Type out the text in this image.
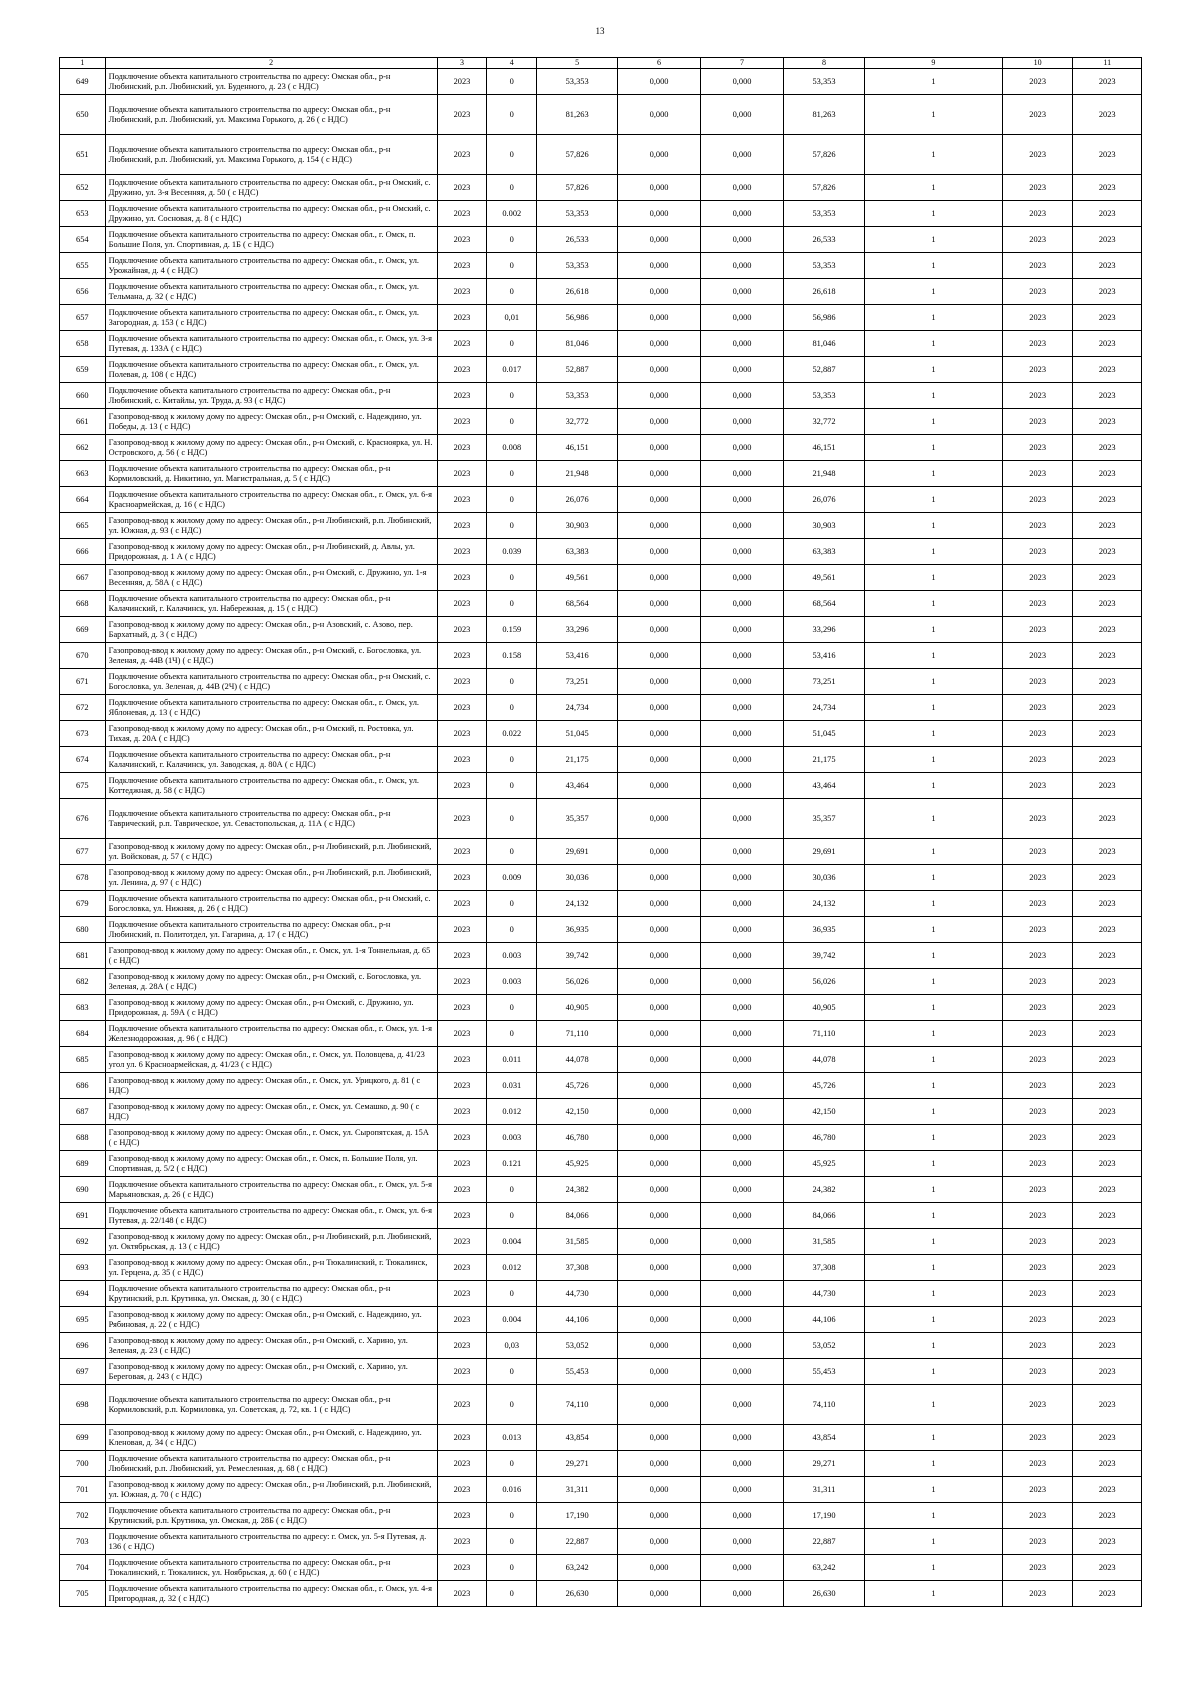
13
1	2	3	4	5	6	7	8	9	10	11
649	Подключение объекта капитального строительства по адресу: Омская обл., р-н Любинский, р.п. Любинский, ул. Буденного, д. 23 ( с НДС)	2023	0	53,353	0,000	0,000	53,353	1	2023	2023
650	Подключение объекта капитального строительства по адресу: Омская обл., р-н Любинский, р.п. Любинский, ул. Максима Горького, д. 26 ( с НДС)	2023	0	81,263	0,000	0,000	81,263	1	2023	2023
651	Подключение объекта капитального строительства по адресу: Омская обл., р-н Любинский, р.п. Любинский, ул. Максима Горького, д. 154 ( с НДС)	2023	0	57,826	0,000	0,000	57,826	1	2023	2023
652	Подключение объекта капитального строительства по адресу: Омская обл., р-н Омский, с. Дружино, ул. 3-я Весенняя, д. 50 ( с НДС)	2023	0	57,826	0,000	0,000	57,826	1	2023	2023
653	Подключение объекта капитального строительства по адресу: Омская обл., р-н Омский, с. Дружино, ул. Сосновая, д. 8 ( с НДС)	2023	0.002	53,353	0,000	0,000	53,353	1	2023	2023
654	Подключение объекта капитального строительства по адресу: Омская обл., г. Омск, п. Большие Поля, ул. Спортивная, д. 1Б ( с НДС)	2023	0	26,533	0,000	0,000	26,533	1	2023	2023
655	Подключение объекта капитального строительства по адресу: Омская обл., г. Омск, ул. Урожайная, д. 4 ( с НДС)	2023	0	53,353	0,000	0,000	53,353	1	2023	2023
656	Подключение объекта капитального строительства по адресу: Омская обл., г. Омск, ул. Тельмана, д. 32 ( с НДС)	2023	0	26,618	0,000	0,000	26,618	1	2023	2023
657	Подключение объекта капитального строительства по адресу: Омская обл., г. Омск, ул. Загородная, д. 153 ( с НДС)	2023	0,01	56,986	0,000	0,000	56,986	1	2023	2023
658	Подключение объекта капитального строительства по адресу: Омская обл., г. Омск, ул. 3-я Путевая, д. 133А ( с НДС)	2023	0	81,046	0,000	0,000	81,046	1	2023	2023
659	Подключение объекта капитального строительства по адресу: Омская обл., г. Омск, ул. Полевая, д. 108 ( с НДС)	2023	0.017	52,887	0,000	0,000	52,887	1	2023	2023
660	Подключение объекта капитального строительства по адресу: Омская обл., р-н Любинский, с. Китайлы, ул. Труда, д. 93 ( с НДС)	2023	0	53,353	0,000	0,000	53,353	1	2023	2023
661	Газопровод-ввод к жилому дому по адресу: Омская обл., р-н Омский, с. Надеждино, ул. Победы, д. 13 ( с НДС)	2023	0	32,772	0,000	0,000	32,772	1	2023	2023
662	Газопровод-ввод к жилому дому по адресу: Омская обл., р-н Омский, с. Красноярка, ул. Н. Островского, д. 56 ( с НДС)	2023	0.008	46,151	0,000	0,000	46,151	1	2023	2023
663	Подключение объекта капитального строительства по адресу: Омская обл., р-н Кормиловский, д. Никитино, ул. Магистральная, д. 5 ( с НДС)	2023	0	21,948	0,000	0,000	21,948	1	2023	2023
664	Подключение объекта капитального строительства по адресу: Омская обл., г. Омск, ул. 6-я Красноармейская, д. 16 ( с НДС)	2023	0	26,076	0,000	0,000	26,076	1	2023	2023
665	Газопровод-ввод к жилому дому по адресу: Омская обл., р-н Любинский, р.п. Любинский, ул. Южная, д. 93 ( с НДС)	2023	0	30,903	0,000	0,000	30,903	1	2023	2023
666	Газопровод-ввод к жилому дому по адресу: Омская обл., р-н Любинский, д. Авлы, ул. Придорожная, д. 1 А ( с НДС)	2023	0.039	63,383	0,000	0,000	63,383	1	2023	2023
667	Газопровод-ввод к жилому дому по адресу: Омская обл., р-н Омский, с. Дружино, ул. 1-я Весенняя, д. 58А ( с НДС)	2023	0	49,561	0,000	0,000	49,561	1	2023	2023
668	Подключение объекта капитального строительства по адресу: Омская обл., р-н Калачинский, г. Калачинск, ул. Набережная, д. 15 ( с НДС)	2023	0	68,564	0,000	0,000	68,564	1	2023	2023
669	Газопровод-ввод к жилому дому по адресу: Омская обл., р-н Азовский, с. Азово, пер. Бархатный, д. 3 ( с НДС)	2023	0.159	33,296	0,000	0,000	33,296	1	2023	2023
670	Газопровод-ввод к жилому дому по адресу: Омская обл., р-н Омский, с. Богословка, ул. Зеленая, д. 44В (1Ч) ( с НДС)	2023	0.158	53,416	0,000	0,000	53,416	1	2023	2023
671	Подключение объекта капитального строительства по адресу: Омская обл., р-н Омский, с. Богословка, ул. Зеленая, д. 44В (2Ч) ( с НДС)	2023	0	73,251	0,000	0,000	73,251	1	2023	2023
672	Подключение объекта капитального строительства по адресу: Омская обл., г. Омск, ул. Яблоневая, д. 13 ( с НДС)	2023	0	24,734	0,000	0,000	24,734	1	2023	2023
673	Газопровод-ввод к жилому дому по адресу: Омская обл., р-н Омский, п. Ростовка, ул. Тихая, д. 20А ( с НДС)	2023	0.022	51,045	0,000	0,000	51,045	1	2023	2023
674	Подключение объекта капитального строительства по адресу: Омская обл., р-н Калачинский, г. Калачинск, ул. Заводская, д. 80А ( с НДС)	2023	0	21,175	0,000	0,000	21,175	1	2023	2023
675	Подключение объекта капитального строительства по адресу: Омская обл., г. Омск, ул. Коттеджная, д. 58 ( с НДС)	2023	0	43,464	0,000	0,000	43,464	1	2023	2023
676	Подключение объекта капитального строительства по адресу: Омская обл., р-н Таврический, р.п. Таврическое, ул. Севастопольская, д. 11А ( с НДС)	2023	0	35,357	0,000	0,000	35,357	1	2023	2023
677	Газопровод-ввод к жилому дому по адресу: Омская обл., р-н Любинский, р.п. Любинский, ул. Войсковая, д. 57 ( с НДС)	2023	0	29,691	0,000	0,000	29,691	1	2023	2023
678	Газопровод-ввод к жилому дому по адресу: Омская обл., р-н Любинский, р.п. Любинский, ул. Ленина, д. 97 ( с НДС)	2023	0.009	30,036	0,000	0,000	30,036	1	2023	2023
679	Подключение объекта капитального строительства по адресу: Омская обл., р-н Омский, с. Богословка, ул. Нижняя, д. 26 ( с НДС)	2023	0	24,132	0,000	0,000	24,132	1	2023	2023
680	Подключение объекта капитального строительства по адресу: Омская обл., р-н Любинский, п. Политотдел, ул. Гагарина, д. 17 ( с НДС)	2023	0	36,935	0,000	0,000	36,935	1	2023	2023
681	Газопровод-ввод к жилому дому по адресу: Омская обл., г. Омск, ул. 1-я Тоннельная, д. 65 ( с НДС)	2023	0.003	39,742	0,000	0,000	39,742	1	2023	2023
682	Газопровод-ввод к жилому дому по адресу: Омская обл., р-н Омский, с. Богословка, ул. Зеленая, д. 28А ( с НДС)	2023	0.003	56,026	0,000	0,000	56,026	1	2023	2023
683	Газопровод-ввод к жилому дому по адресу: Омская обл., р-н Омский, с. Дружино, ул. Придорожная, д. 59А ( с НДС)	2023	0	40,905	0,000	0,000	40,905	1	2023	2023
684	Подключение объекта капитального строительства по адресу: Омская обл., г. Омск, ул. 1-я Железнодорожная, д. 96 ( с НДС)	2023	0	71,110	0,000	0,000	71,110	1	2023	2023
685	Газопровод-ввод к жилому дому по адресу: Омская обл., г. Омск, ул. Половцева, д. 41/23 угол ул. 6 Красноармейская, д. 41/23 ( с НДС)	2023	0.011	44,078	0,000	0,000	44,078	1	2023	2023
686	Газопровод-ввод к жилому дому по адресу: Омская обл., г. Омск, ул. Урицкого, д. 81 ( с НДС)	2023	0.031	45,726	0,000	0,000	45,726	1	2023	2023
687	Газопровод-ввод к жилому дому по адресу: Омская обл., г. Омск, ул. Семашко, д. 90 ( с НДС)	2023	0.012	42,150	0,000	0,000	42,150	1	2023	2023
688	Газопровод-ввод к жилому дому по адресу: Омская обл., г. Омск, ул. Сыропятская, д. 15А ( с НДС)	2023	0.003	46,780	0,000	0,000	46,780	1	2023	2023
689	Газопровод-ввод к жилому дому по адресу: Омская обл., г. Омск, п. Большие Поля, ул. Спортивная, д. 5/2 ( с НДС)	2023	0.121	45,925	0,000	0,000	45,925	1	2023	2023
690	Подключение объекта капитального строительства по адресу: Омская обл., г. Омск, ул. 5-я Марьяновская, д. 26 ( с НДС)	2023	0	24,382	0,000	0,000	24,382	1	2023	2023
691	Подключение объекта капитального строительства по адресу: Омская обл., г. Омск, ул. 6-я Путевая, д. 22/148 ( с НДС)	2023	0	84,066	0,000	0,000	84,066	1	2023	2023
692	Газопровод-ввод к жилому дому по адресу: Омская обл., р-н Любинский, р.п. Любинский, ул. Октябрьская, д. 13 ( с НДС)	2023	0.004	31,585	0,000	0,000	31,585	1	2023	2023
693	Газопровод-ввод к жилому дому по адресу: Омская обл., р-н Тюкалинский, г. Тюкалинск, ул. Герцена, д. 35 ( с НДС)	2023	0.012	37,308	0,000	0,000	37,308	1	2023	2023
694	Подключение объекта капитального строительства по адресу: Омская обл., р-н Крутинский, р.п. Крутинка, ул. Омская, д. 30 ( с НДС)	2023	0	44,730	0,000	0,000	44,730	1	2023	2023
695	Газопровод-ввод к жилому дому по адресу: Омская обл., р-н Омский, с. Надеждино, ул. Рябиновая, д. 22 ( с НДС)	2023	0.004	44,106	0,000	0,000	44,106	1	2023	2023
696	Газопровод-ввод к жилому дому по адресу: Омская обл., р-н Омский, с. Харино, ул. Зеленая, д. 23 ( с НДС)	2023	0,03	53,052	0,000	0,000	53,052	1	2023	2023
697	Газопровод-ввод к жилому дому по адресу: Омская обл., р-н Омский, с. Харино, ул. Береговая, д. 243 ( с НДС)	2023	0	55,453	0,000	0,000	55,453	1	2023	2023
698	Подключение объекта капитального строительства по адресу: Омская обл., р-н Кормиловский, р.п. Кормиловка, ул. Советская, д. 72, кв. 1 ( с НДС)	2023	0	74,110	0,000	0,000	74,110	1	2023	2023
699	Газопровод-ввод к жилому дому по адресу: Омская обл., р-н Омский, с. Надеждино, ул. Кленовая, д. 34 ( с НДС)	2023	0.013	43,854	0,000	0,000	43,854	1	2023	2023
700	Подключение объекта капитального строительства по адресу: Омская обл., р-н Любинский, р.п. Любинский, ул. Ремесленная, д. 68 ( с НДС)	2023	0	29,271	0,000	0,000	29,271	1	2023	2023
701	Газопровод-ввод к жилому дому по адресу: Омская обл., р-н Любинский, р.п. Любинский, ул. Южная, д. 70 ( с НДС)	2023	0.016	31,311	0,000	0,000	31,311	1	2023	2023
702	Подключение объекта капитального строительства по адресу: Омская обл., р-н Крутинский, р.п. Крутинка, ул. Омская, д. 28Б ( с НДС)	2023	0	17,190	0,000	0,000	17,190	1	2023	2023
703	Подключение объекта капитального строительства по адресу: г. Омск, ул. 5-я Путевая, д. 136 ( с НДС)	2023	0	22,887	0,000	0,000	22,887	1	2023	2023
704	Подключение объекта капитального строительства по адресу: Омская обл., р-н Тюкалинский, г. Тюкалинск, ул. Ноябрьская, д. 60 ( с НДС)	2023	0	63,242	0,000	0,000	63,242	1	2023	2023
705	Подключение объекта капитального строительства по адресу: Омская обл., г. Омск, ул. 4-я Пригородная, д. 32 ( с НДС)	2023	0	26,630	0,000	0,000	26,630	1	2023	2023
